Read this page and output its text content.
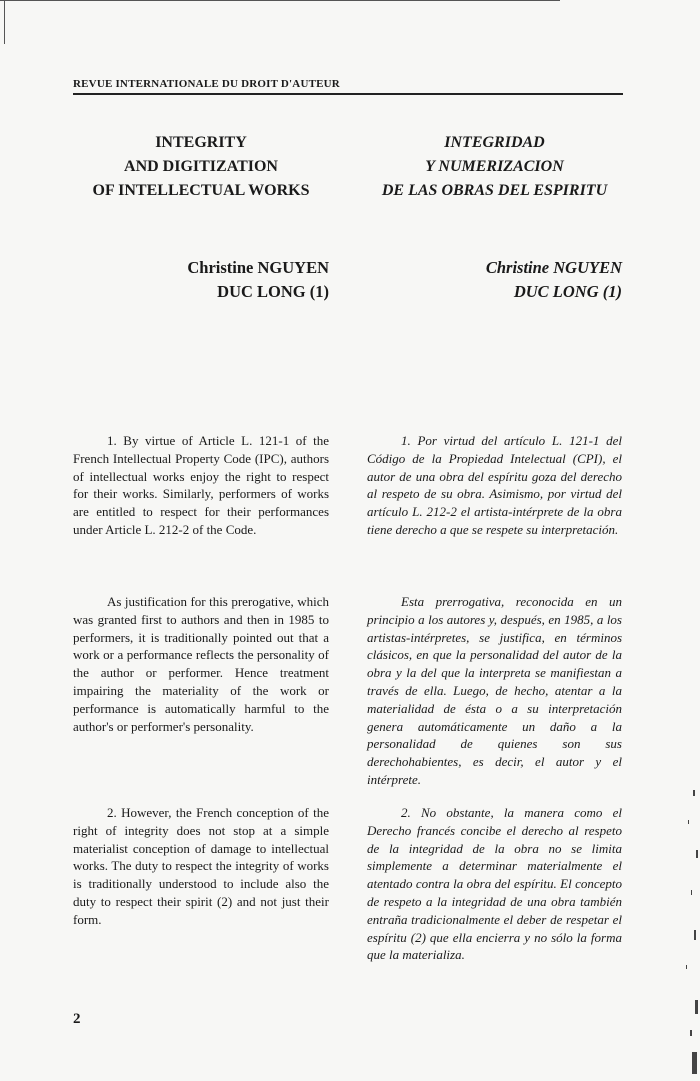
REVUE INTERNATIONALE DU DROIT D'AUTEUR
INTEGRITY
AND DIGITIZATION
OF INTELLECTUAL WORKS
INTEGRIDAD
Y NUMERIZACION
DE LAS OBRAS DEL ESPIRITU
Christine NGUYEN
DUC LONG (1)
Christine NGUYEN
DUC LONG (1)

1. By virtue of Article L. 121-1 of the French Intellectual Property Code (IPC), authors of intellectual works enjoy the right to respect for their works. Similarly, performers of works are entitled to respect for their performances under Article L. 212-2 of the Code.

As justification for this prerogative, which was granted first to authors and then in 1985 to performers, it is traditionally pointed out that a work or a performance reflects the personality of the author or performer. Hence treatment impairing the materiality of the work or performance is automatically harmful to the author's or performer's personality.

2. However, the French conception of the right of integrity does not stop at a simple materialist conception of damage to intellectual works. The duty to respect the integrity of works is traditionally understood to include also the duty to respect their spirit (2) and not just their form.

1. Por virtud del artículo L. 121-1 del Código de la Propiedad Intelectual (CPI), el autor de una obra del espíritu goza del derecho al respeto de su obra. Asimismo, por virtud del artículo L. 212-2 el artista-intérprete de la obra tiene derecho a que se respete su interpretación.

Esta prerrogativa, reconocida en un principio a los autores y, después, en 1985, a los artistas-intérpretes, se justifica, en términos clásicos, en que la personalidad del autor de la obra y la del que la interpreta se manifiestan a través de ella. Luego, de hecho, atentar a la materialidad de ésta o a su interpretación genera automáticamente un daño a la personalidad de quienes son sus derechohabientes, es decir, el autor y el intérprete.

2. No obstante, la manera como el Derecho francés concibe el derecho al respeto de la integridad de la obra no se limita simplemente a determinar materialmente el atentado contra la obra del espíritu. El concepto de respeto a la integridad de una obra también entraña tradicionalmente el deber de respetar el espíritu (2) que ella encierra y no sólo la forma que la materializa.

2
